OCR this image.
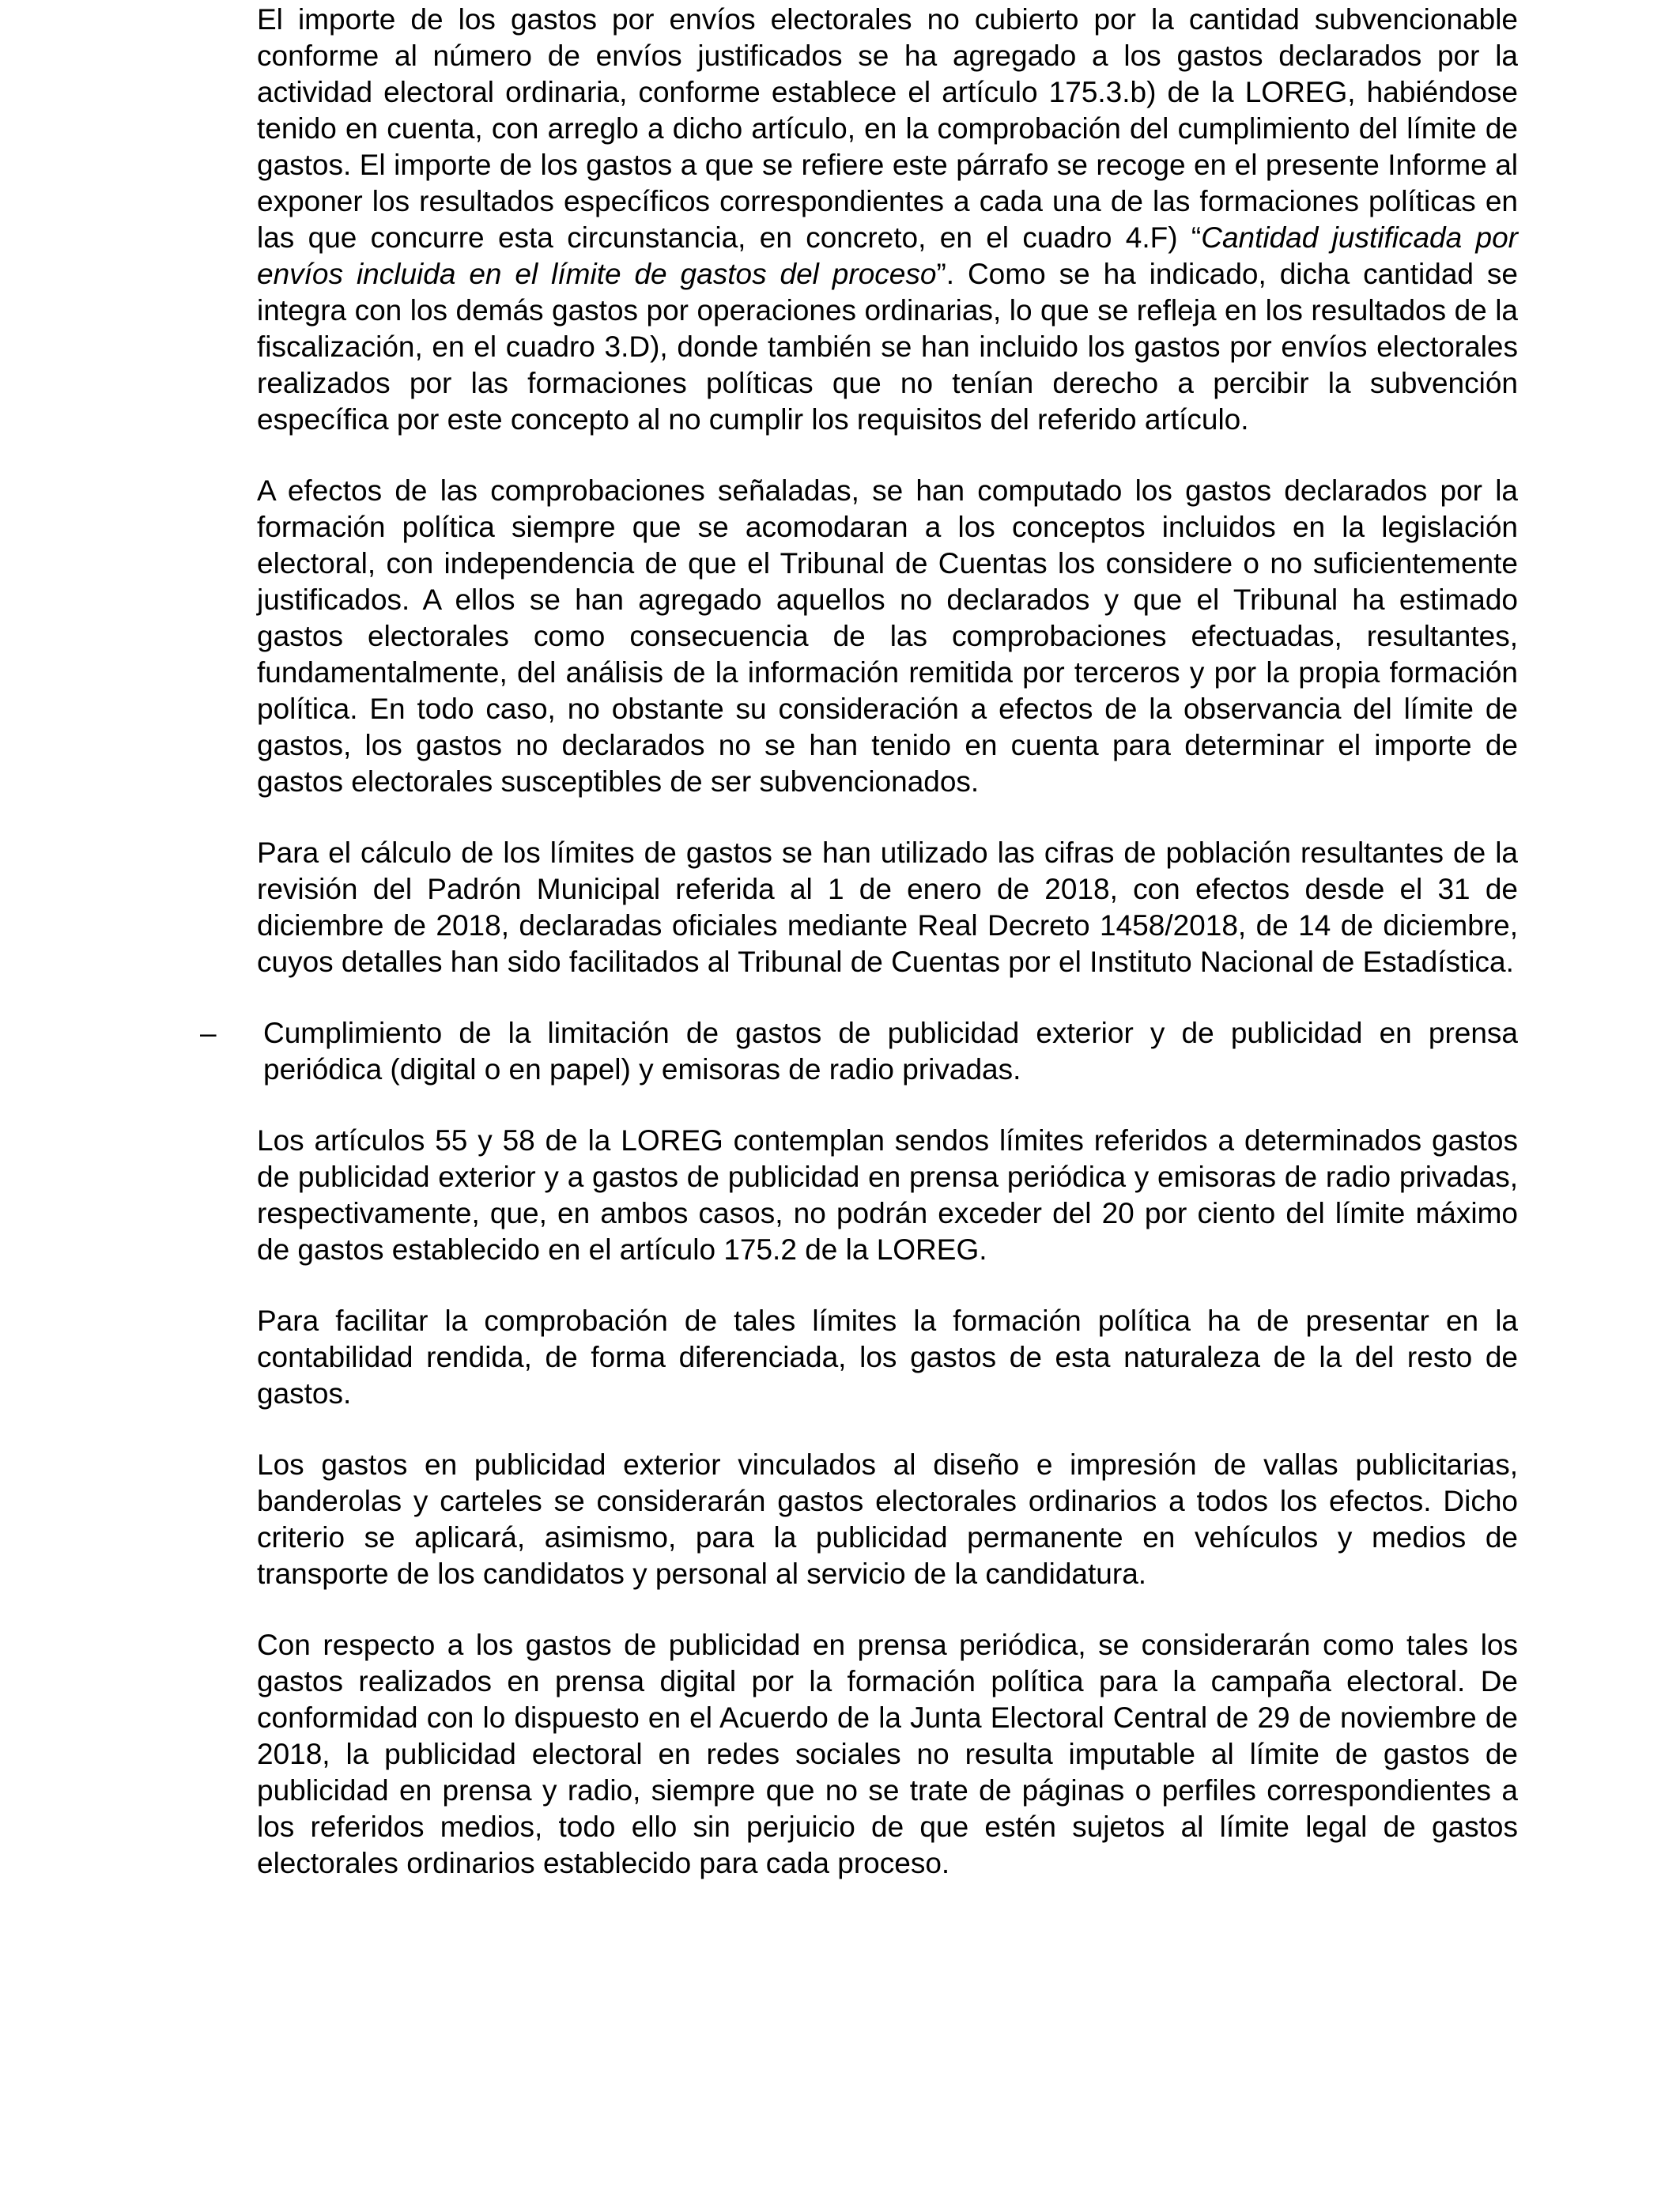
El importe de los gastos por envíos electorales no cubierto por la cantidad subvencionable conforme al número de envíos justificados se ha agregado a los gastos declarados por la actividad electoral ordinaria, conforme establece el artículo 175.3.b) de la LOREG, habiéndose tenido en cuenta, con arreglo a dicho artículo, en la comprobación del cumplimiento del límite de gastos. El importe de los gastos a que se refiere este párrafo se recoge en el presente Informe al exponer los resultados específicos correspondientes a cada una de las formaciones políticas en las que concurre esta circunstancia, en concreto, en el cuadro 4.F) “Cantidad justificada por envíos incluida en el límite de gastos del proceso”. Como se ha indicado, dicha cantidad se integra con los demás gastos por operaciones ordinarias, lo que se refleja en los resultados de la fiscalización, en el cuadro 3.D), donde también se han incluido los gastos por envíos electorales realizados por las formaciones políticas que no tenían derecho a percibir la subvención específica por este concepto al no cumplir los requisitos del referido artículo.

A efectos de las comprobaciones señaladas, se han computado los gastos declarados por la formación política siempre que se acomodaran a los conceptos incluidos en la legislación electoral, con independencia de que el Tribunal de Cuentas los considere o no suficientemente justificados. A ellos se han agregado aquellos no declarados y que el Tribunal ha estimado gastos electorales como consecuencia de las comprobaciones efectuadas, resultantes, fundamentalmente, del análisis de la información remitida por terceros y por la propia formación política. En todo caso, no obstante su consideración a efectos de la observancia del límite de gastos, los gastos no declarados no se han tenido en cuenta para determinar el importe de gastos electorales susceptibles de ser subvencionados.

Para el cálculo de los límites de gastos se han utilizado las cifras de población resultantes de la revisión del Padrón Municipal referida al 1 de enero de 2018, con efectos desde el 31 de diciembre de 2018, declaradas oficiales mediante Real Decreto 1458/2018, de 14 de diciembre, cuyos detalles han sido facilitados al Tribunal de Cuentas por el Instituto Nacional de Estadística.

– Cumplimiento de la limitación de gastos de publicidad exterior y de publicidad en prensa periódica (digital o en papel) y emisoras de radio privadas.

Los artículos 55 y 58 de la LOREG contemplan sendos límites referidos a determinados gastos de publicidad exterior y a gastos de publicidad en prensa periódica y emisoras de radio privadas, respectivamente, que, en ambos casos, no podrán exceder del 20 por ciento del límite máximo de gastos establecido en el artículo 175.2 de la LOREG.

Para facilitar la comprobación de tales límites la formación política ha de presentar en la contabilidad rendida, de forma diferenciada, los gastos de esta naturaleza de la del resto de gastos.

Los gastos en publicidad exterior vinculados al diseño e impresión de vallas publicitarias, banderolas y carteles se considerarán gastos electorales ordinarios a todos los efectos. Dicho criterio se aplicará, asimismo, para la publicidad permanente en vehículos y medios de transporte de los candidatos y personal al servicio de la candidatura.

Con respecto a los gastos de publicidad en prensa periódica, se considerarán como tales los gastos realizados en prensa digital por la formación política para la campaña electoral. De conformidad con lo dispuesto en el Acuerdo de la Junta Electoral Central de 29 de noviembre de 2018, la publicidad electoral en redes sociales no resulta imputable al límite de gastos de publicidad en prensa y radio, siempre que no se trate de páginas o perfiles correspondientes a los referidos medios, todo ello sin perjuicio de que estén sujetos al límite legal de gastos electorales ordinarios establecido para cada proceso.
